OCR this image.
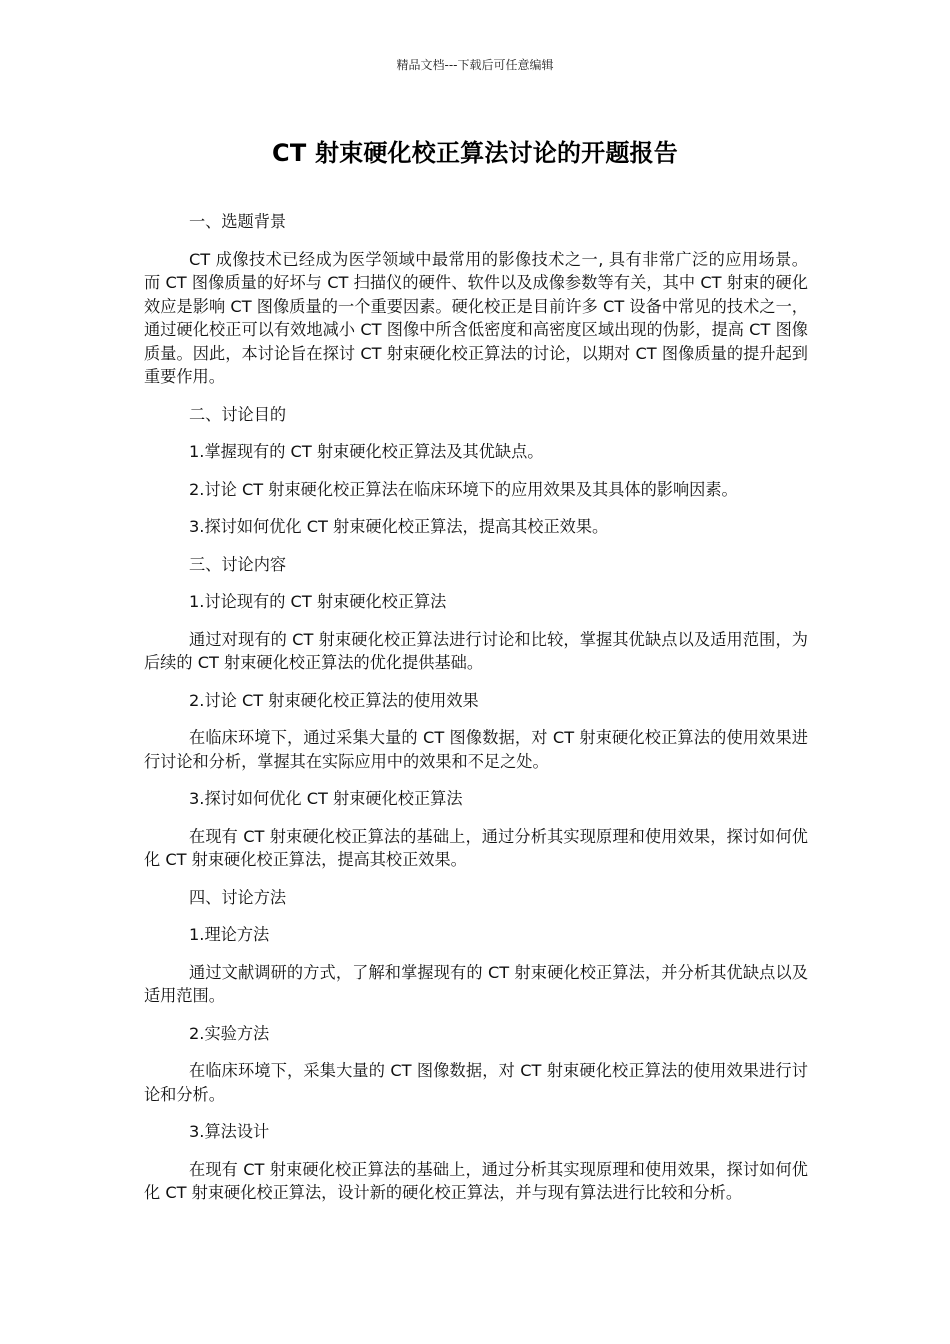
精品文档---下载后可任意编辑
CT 射束硬化校正算法讨论的开题报告

一、选题背景

CT 成像技术已经成为医学领域中最常用的影像技术之一, 具有非常广泛的应用场景。而 CT 图像质量的好坏与 CT 扫描仪的硬件、软件以及成像参数等有关，其中 CT 射束的硬化效应是影响 CT 图像质量的一个重要因素。硬化校正是目前许多 CT 设备中常见的技术之一，通过硬化校正可以有效地减小 CT 图像中所含低密度和高密度区域出现的伪影，提高 CT 图像质量。因此，本讨论旨在探讨 CT 射束硬化校正算法的讨论，以期对 CT 图像质量的提升起到重要作用。

二、讨论目的

1.掌握现有的 CT 射束硬化校正算法及其优缺点。

2.讨论 CT 射束硬化校正算法在临床环境下的应用效果及其具体的影响因素。

3.探讨如何优化 CT 射束硬化校正算法，提高其校正效果。

三、讨论内容

1.讨论现有的 CT 射束硬化校正算法

通过对现有的 CT 射束硬化校正算法进行讨论和比较，掌握其优缺点以及适用范围，为后续的 CT 射束硬化校正算法的优化提供基础。

2.讨论 CT 射束硬化校正算法的使用效果

在临床环境下，通过采集大量的 CT 图像数据，对 CT 射束硬化校正算法的使用效果进行讨论和分析，掌握其在实际应用中的效果和不足之处。

3.探讨如何优化 CT 射束硬化校正算法

在现有 CT 射束硬化校正算法的基础上，通过分析其实现原理和使用效果，探讨如何优化 CT 射束硬化校正算法，提高其校正效果。

四、讨论方法

1.理论方法

通过文献调研的方式，了解和掌握现有的 CT 射束硬化校正算法，并分析其优缺点以及适用范围。

2.实验方法

在临床环境下，采集大量的 CT 图像数据，对 CT 射束硬化校正算法的使用效果进行讨论和分析。

3.算法设计

在现有 CT 射束硬化校正算法的基础上，通过分析其实现原理和使用效果，探讨如何优化 CT 射束硬化校正算法，设计新的硬化校正算法，并与现有算法进行比较和分析。
